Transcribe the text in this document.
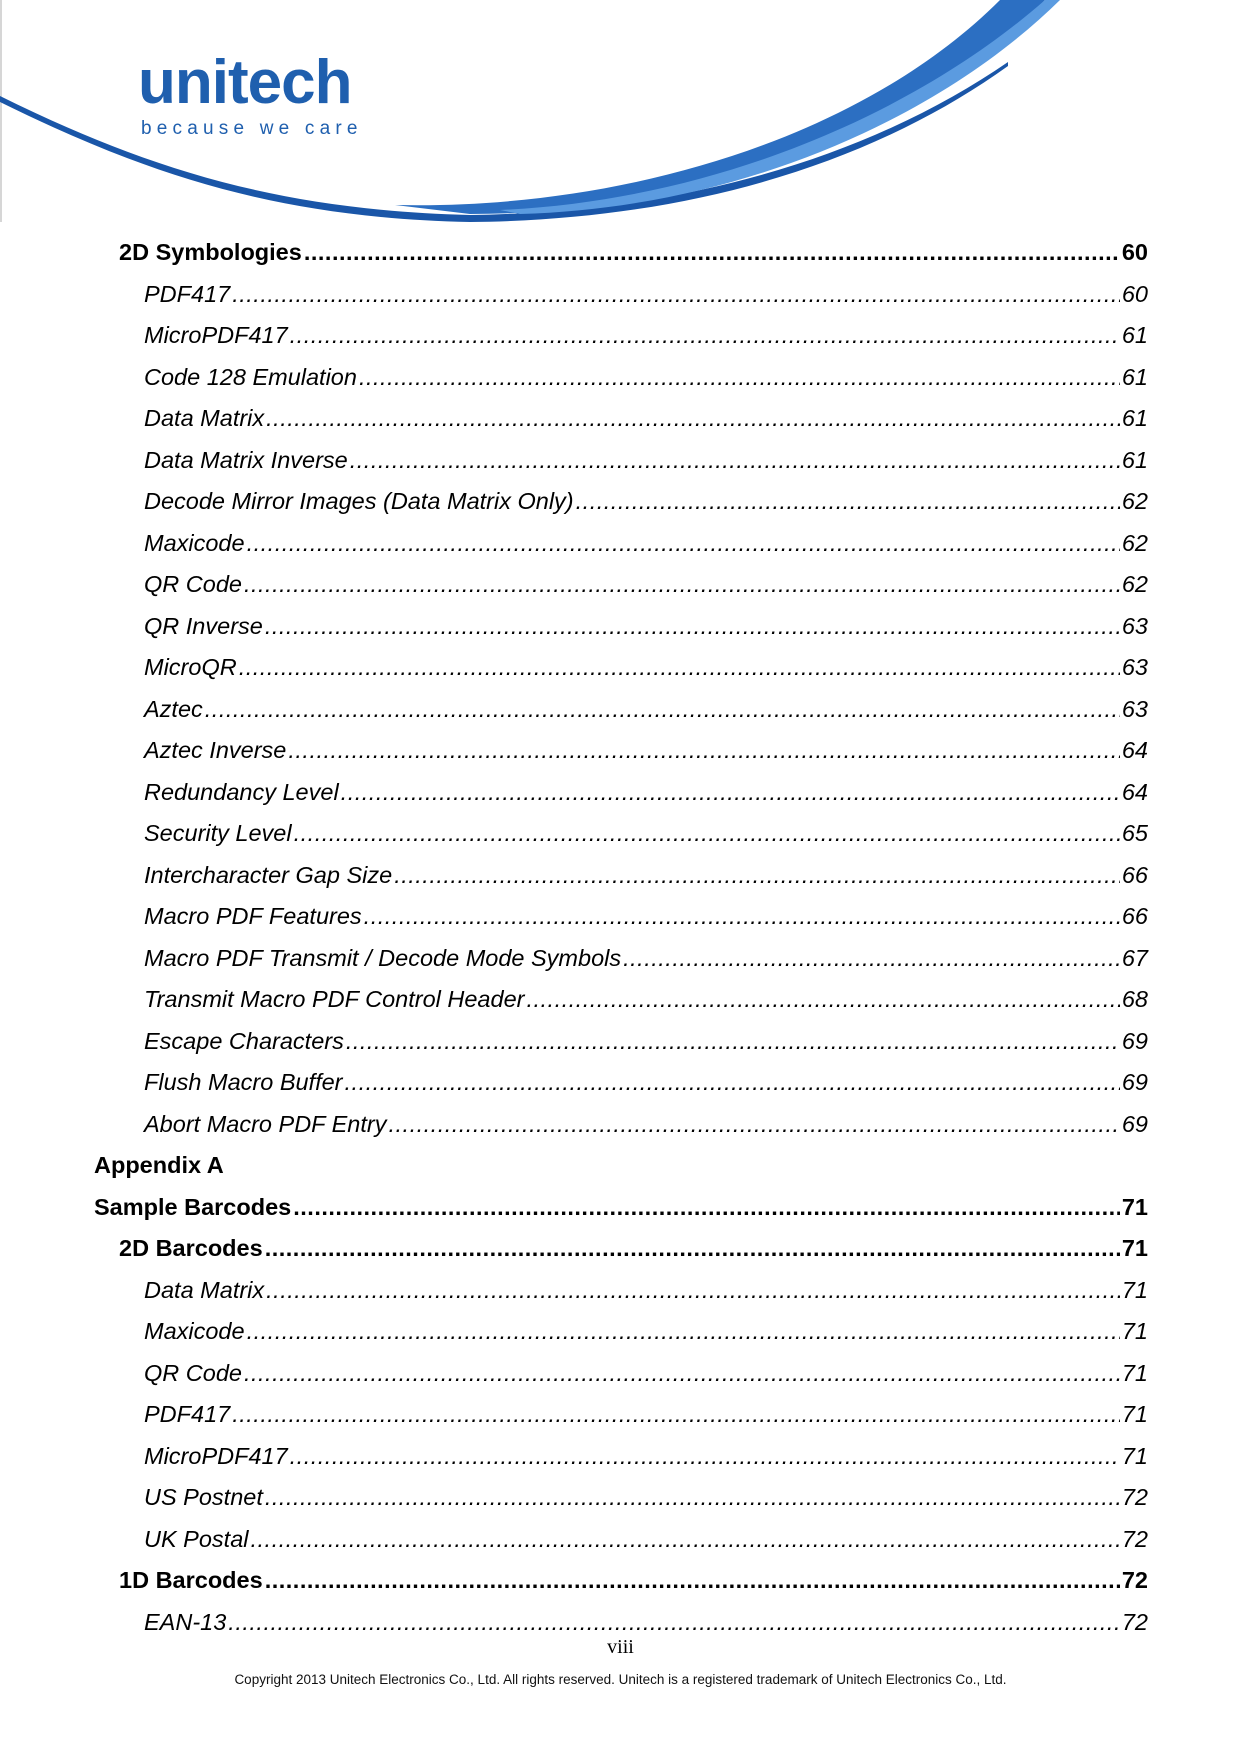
unitech
because we care
2D Symbologies .....	60
PDF417 .....	60
MicroPDF417 .....	61
Code 128 Emulation .....	61
Data Matrix .....	61
Data Matrix Inverse .....	61
Decode Mirror Images (Data Matrix Only) .....	62
Maxicode .....	62
QR Code .....	62
QR Inverse .....	63
MicroQR .....	63
Aztec .....	63
Aztec Inverse .....	64
Redundancy Level .....	64
Security Level .....	65
Intercharacter Gap Size .....	66
Macro PDF Features .....	66
Macro PDF Transmit / Decode Mode Symbols .....	67
Transmit Macro PDF Control Header .....	68
Escape Characters .....	69
Flush Macro Buffer .....	69
Abort Macro PDF Entry .....	69
Appendix A
Sample Barcodes .....	71
2D Barcodes .....	71
Data Matrix .....	71
Maxicode .....	71
QR Code .....	71
PDF417 .....	71
MicroPDF417 .....	71
US Postnet .....	72
UK Postal .....	72
1D Barcodes .....	72
EAN-13 .....	72
viii
Copyright 2013 Unitech Electronics Co., Ltd. All rights reserved. Unitech is a registered trademark of Unitech Electronics Co., Ltd.
